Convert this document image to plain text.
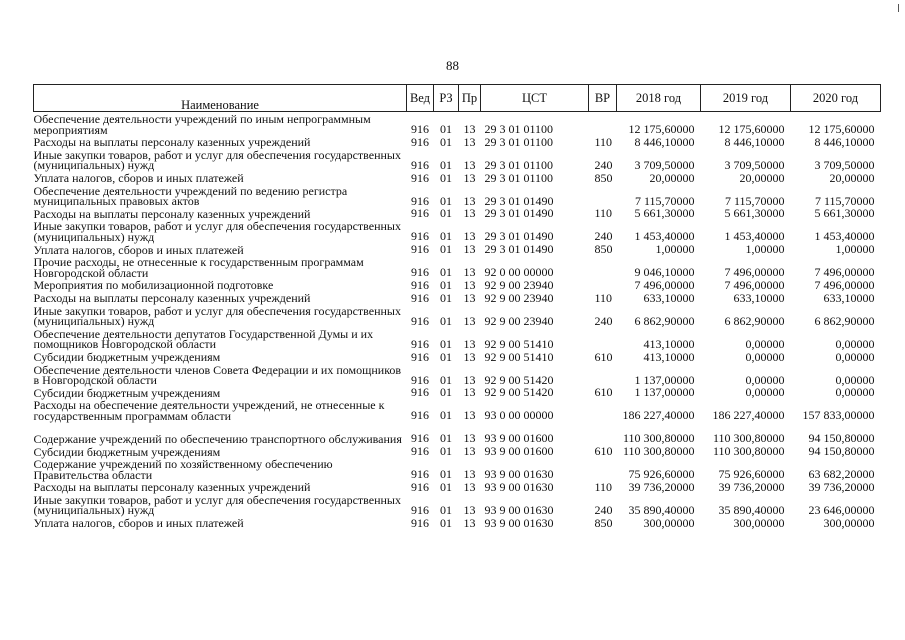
88
Наименование	Вед	РЗ	Пр	ЦСТ	ВР	2018 год	2019 год	2020 год
Обеспечение деятельности учреждений по иным непрограммным мероприятиям	916	01	13	29 3 01 01100		12 175,60000	12 175,60000	12 175,60000
Расходы на выплаты персоналу казенных учреждений	916	01	13	29 3 01 01100	110	8 446,10000	8 446,10000	8 446,10000
Иные закупки товаров, работ и услуг для обеспечения государственных (муниципальных) нужд	916	01	13	29 3 01 01100	240	3 709,50000	3 709,50000	3 709,50000
Уплата налогов, сборов и иных платежей	916	01	13	29 3 01 01100	850	20,00000	20,00000	20,00000
Обеспечение деятельности учреждений по ведению регистра муниципальных правовых актов	916	01	13	29 3 01 01490		7 115,70000	7 115,70000	7 115,70000
Расходы на выплаты персоналу казенных учреждений	916	01	13	29 3 01 01490	110	5 661,30000	5 661,30000	5 661,30000
Иные закупки товаров, работ и услуг для обеспечения государственных (муниципальных) нужд	916	01	13	29 3 01 01490	240	1 453,40000	1 453,40000	1 453,40000
Уплата налогов, сборов и иных платежей	916	01	13	29 3 01 01490	850	1,00000	1,00000	1,00000
Прочие расходы, не отнесенные к государственным программам Новгородской области	916	01	13	92 0 00 00000		9 046,10000	7 496,00000	7 496,00000
Мероприятия по мобилизационной подготовке	916	01	13	92 9 00 23940		7 496,00000	7 496,00000	7 496,00000
Расходы на выплаты персоналу казенных учреждений	916	01	13	92 9 00 23940	110	633,10000	633,10000	633,10000
Иные закупки товаров, работ и услуг для обеспечения государственных (муниципальных) нужд	916	01	13	92 9 00 23940	240	6 862,90000	6 862,90000	6 862,90000
Обеспечение деятельности депутатов Государственной Думы и их помощников Новгородской области	916	01	13	92 9 00 51410		413,10000	0,00000	0,00000
Субсидии бюджетным учреждениям	916	01	13	92 9 00 51410	610	413,10000	0,00000	0,00000
Обеспечение деятельности членов Совета Федерации и их помощников в Новгородской области	916	01	13	92 9 00 51420		1 137,00000	0,00000	0,00000
Субсидии бюджетным учреждениям	916	01	13	92 9 00 51420	610	1 137,00000	0,00000	0,00000
Расходы на обеспечение деятельности учреждений, не отнесенные к государственным программам области	916	01	13	93 0 00 00000		186 227,40000	186 227,40000	157 833,00000
Содержание учреждений по обеспечению транспортного обслуживания	916	01	13	93 9 00 01600		110 300,80000	110 300,80000	94 150,80000
Субсидии бюджетным учреждениям	916	01	13	93 9 00 01600	610	110 300,80000	110 300,80000	94 150,80000
Содержание учреждений по хозяйственному обеспечению Правительства области	916	01	13	93 9 00 01630		75 926,60000	75 926,60000	63 682,20000
Расходы на выплаты персоналу казенных учреждений	916	01	13	93 9 00 01630	110	39 736,20000	39 736,20000	39 736,20000
Иные закупки товаров, работ и услуг для обеспечения государственных (муниципальных) нужд	916	01	13	93 9 00 01630	240	35 890,40000	35 890,40000	23 646,00000
Уплата налогов, сборов и иных платежей	916	01	13	93 9 00 01630	850	300,00000	300,00000	300,00000
